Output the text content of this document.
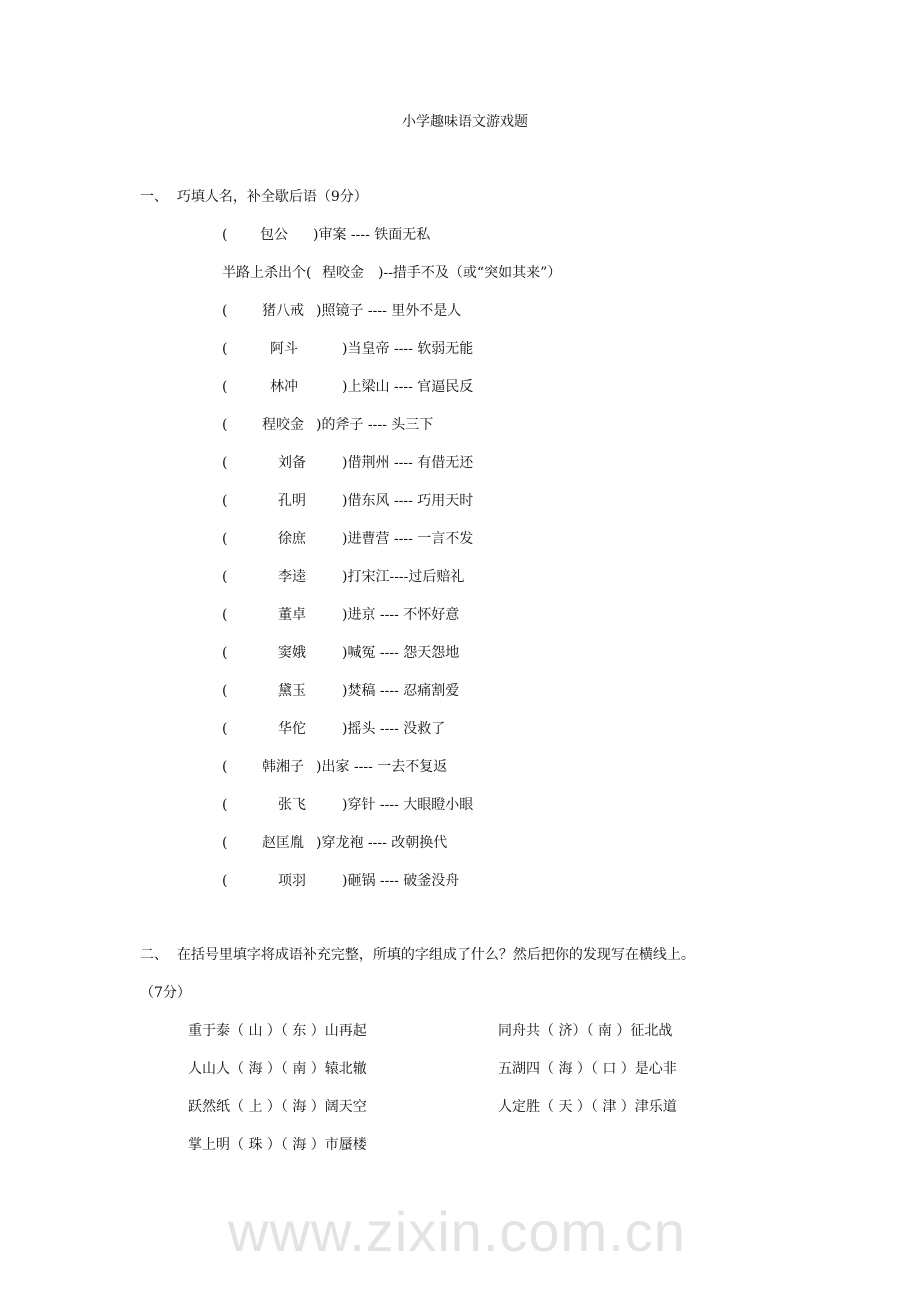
www.zixin.com.cn
小学趣味语文游戏题
一、  巧填人名，补全歇后语（9分）
( 包公 )审案 ---- 铁面无私
半路上杀出个( 程咬金 )--措手不及（或“突如其来”）
( 猪八戒 )照镜子 ---- 里外不是人
(	阿斗	)当皇帝 ---- 软弱无能
(	林冲	)上梁山 ---- 官逼民反
( 程咬金 )的斧子 ---- 头三下
(	刘备	)借荆州 ---- 有借无还
(	孔明	)借东风 ---- 巧用天时
(	徐庶	)进曹营 ---- 一言不发
(	李逵	)打宋江----过后赔礼
(	董卓	)进京 ---- 不怀好意
(	窦娥	)喊冤 ---- 怨天怨地
(	黛玉	)焚稿 ---- 忍痛割爱
(	华佗	)摇头 ---- 没救了
( 韩湘子 )出家 ---- 一去不复返
(	张飞	)穿针 ---- 大眼瞪小眼
( 赵匡胤 )穿龙袍 ---- 改朝换代
(	项羽	)砸锅 ---- 破釜没舟
二、  在括号里填字将成语补充完整，所填的字组成了什么？然后把你的发现写在横线上。
（7分）
重于泰（ 山 ）（ 东 ）山再起	同舟共（ 济）（ 南 ）征北战
人山人（ 海 ）（ 南 ）辕北辙	五湖四（ 海 ）（ 口 ）是心非
跃然纸（ 上 ）（ 海 ）阔天空	人定胜（ 天 ）（ 津 ）津乐道
掌上明（ 珠 ）（ 海 ）市蜃楼
